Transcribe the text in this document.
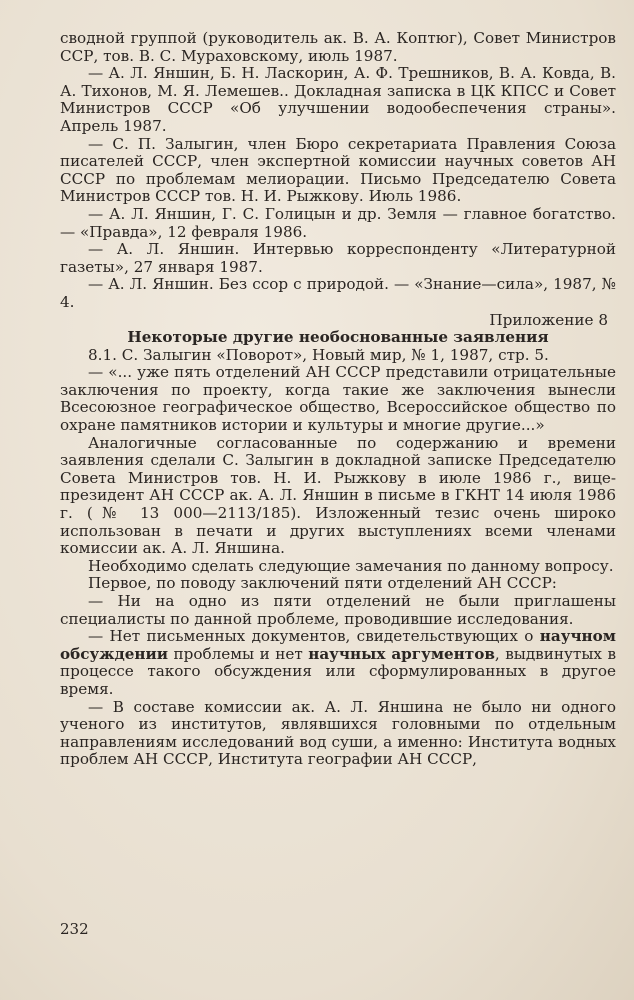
сводной группой (руководитель ак. В. А. Коптюг), Совет Министров ССР, тов. В. С. Мураховскому, июль 1987.

— А. Л. Яншин, Б. Н. Ласкорин, А. Ф. Трешников, В. А. Ковда, В. А. Тихонов, М. Я. Лемешев.. Докладная записка в ЦК КПСС и Совет Министров СССР «Об улучшении водообеспечения страны». Апрель 1987.

— С. П. Залыгин, член Бюро секретариата Правления Союза писателей СССР, член экспертной комиссии научных советов АН СССР по проблемам мелиорации. Письмо Председателю Совета Министров СССР тов. Н. И. Рыжкову. Июль 1986.

— А. Л. Яншин, Г. С. Голицын и др. Земля — главное богатство. — «Правда», 12 февраля 1986.

— А. Л. Яншин. Интервью корреспонденту «Литературной газеты», 27 января 1987.

— А. Л. Яншин. Без ссор с природой. — «Знание—сила», 1987, № 4.

Приложение 8

Некоторые другие необоснованные заявления

8.1. С. Залыгин «Поворот», Новый мир, № 1, 1987, стр. 5.

— «... уже пять отделений АН СССР представили отрицательные заключения по проекту, когда такие же заключения вынесли Всесоюзное географическое общество, Всероссийское общество по охране памятников истории и культуры и многие другие...»

Аналогичные согласованные по содержанию и времени заявления сделали С. Залыгин в докладной записке Председателю Совета Министров тов. Н. И. Рыжкову в июле 1986 г., вице-президент АН СССР ак. А. Л. Яншин в письме в ГКНТ 14 июля 1986 г. (№ 13 000—2113/185). Изложенный тезис очень широко использован в печати и других выступлениях всеми членами комиссии ак. А. Л. Яншина.

Необходимо сделать следующие замечания по данному вопросу.

Первое, по поводу заключений пяти отделений АН СССР:

— Ни на одно из пяти отделений не были приглашены специалисты по данной проблеме, проводившие исследования.

— Нет письменных документов, свидетельствующих о научном обсуждении проблемы и нет научных аргументов, выдвинутых в процессе такого обсуждения или сформулированных в другое время.

— В составе комиссии ак. А. Л. Яншина не было ни одного ученого из институтов, являвшихся головными по отдельным направлениям исследований вод суши, а именно: Института водных проблем АН СССР, Института географии АН СССР,

232
